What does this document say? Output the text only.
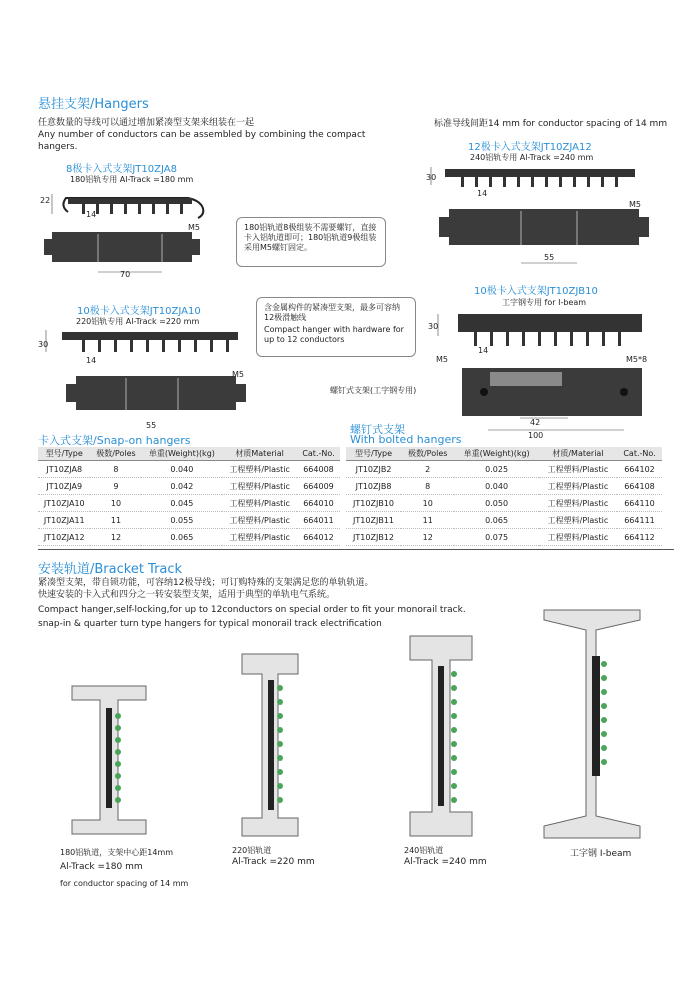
悬挂支架/Hangers
任意数量的导线可以通过增加紧凑型支架来组装在一起
Any number of conductors can be assembled by combining the compact hangers.
标准导线间距14 mm for conductor spacing of 14 mm
8极卡入式支架JT10ZJA8
180铝轨专用 Al-Track =180 mm
22
14
M5
70
180铝轨道8极组装不需要螺钉，直接卡入铝轨道即可；180铝轨道9极组装采用M5螺钉固定。
12极卡入式支架JT10ZJA12
240铝轨专用 Al-Track =240 mm
30
14
M5
55
10极卡入式支架JT10ZJA10
220铝轨专用 Al-Track =220 mm
30
14
M5
55
含金属构件的紧凑型支架，最多可容纳12极滑触线
Compact hanger with hardware for up to 12 conductors
10极卡入式支架JT10ZJB10
工字钢专用 for I-beam
30
14
M5	M5*8
42
100
螺钉式支架(工字钢专用)
卡入式支架/Snap-on hangers
螺钉式支架
With bolted hangers
型号/Type	极数/Poles	单重(Weight)(kg)	材质Material	Cat.-No.
JT10ZJA8	8	0.040	工程塑料/Plastic	664008
JT10ZJA9	9	0.042	工程塑料/Plastic	664009
JT10ZJA10	10	0.045	工程塑料/Plastic	664010
JT10ZJA11	11	0.055	工程塑料/Plastic	664011
JT10ZJA12	12	0.065	工程塑料/Plastic	664012
型号/Type	极数/Poles	单重(Weight)(kg)	材质/Material	Cat.-No.
JT10ZJB2	2	0.025	工程塑料/Plastic	664102
JT10ZJB8	8	0.040	工程塑料/Plastic	664108
JT10ZJB10	10	0.050	工程塑料/Plastic	664110
JT10ZJB11	11	0.065	工程塑料/Plastic	664111
JT10ZJB12	12	0.075	工程塑料/Plastic	664112
安装轨道/Bracket Track
紧凑型支架，带自锁功能，可容纳12极导线；可订购特殊的支架满足您的单轨轨道。
快速安装的卡入式和四分之一转安装型支架，适用于典型的单轨电气系统。
Compact hanger,self-locking,for up to 12conductors on special order to fit your monorail track.
snap-in & quarter turn type hangers for typical monorail track electrification
180铝轨道，支架中心距14mm
Al-Track =180 mm
for conductor spacing of 14 mm
220铝轨道
Al-Track =220 mm
240铝轨道
Al-Track =240 mm
工字钢 I-beam
